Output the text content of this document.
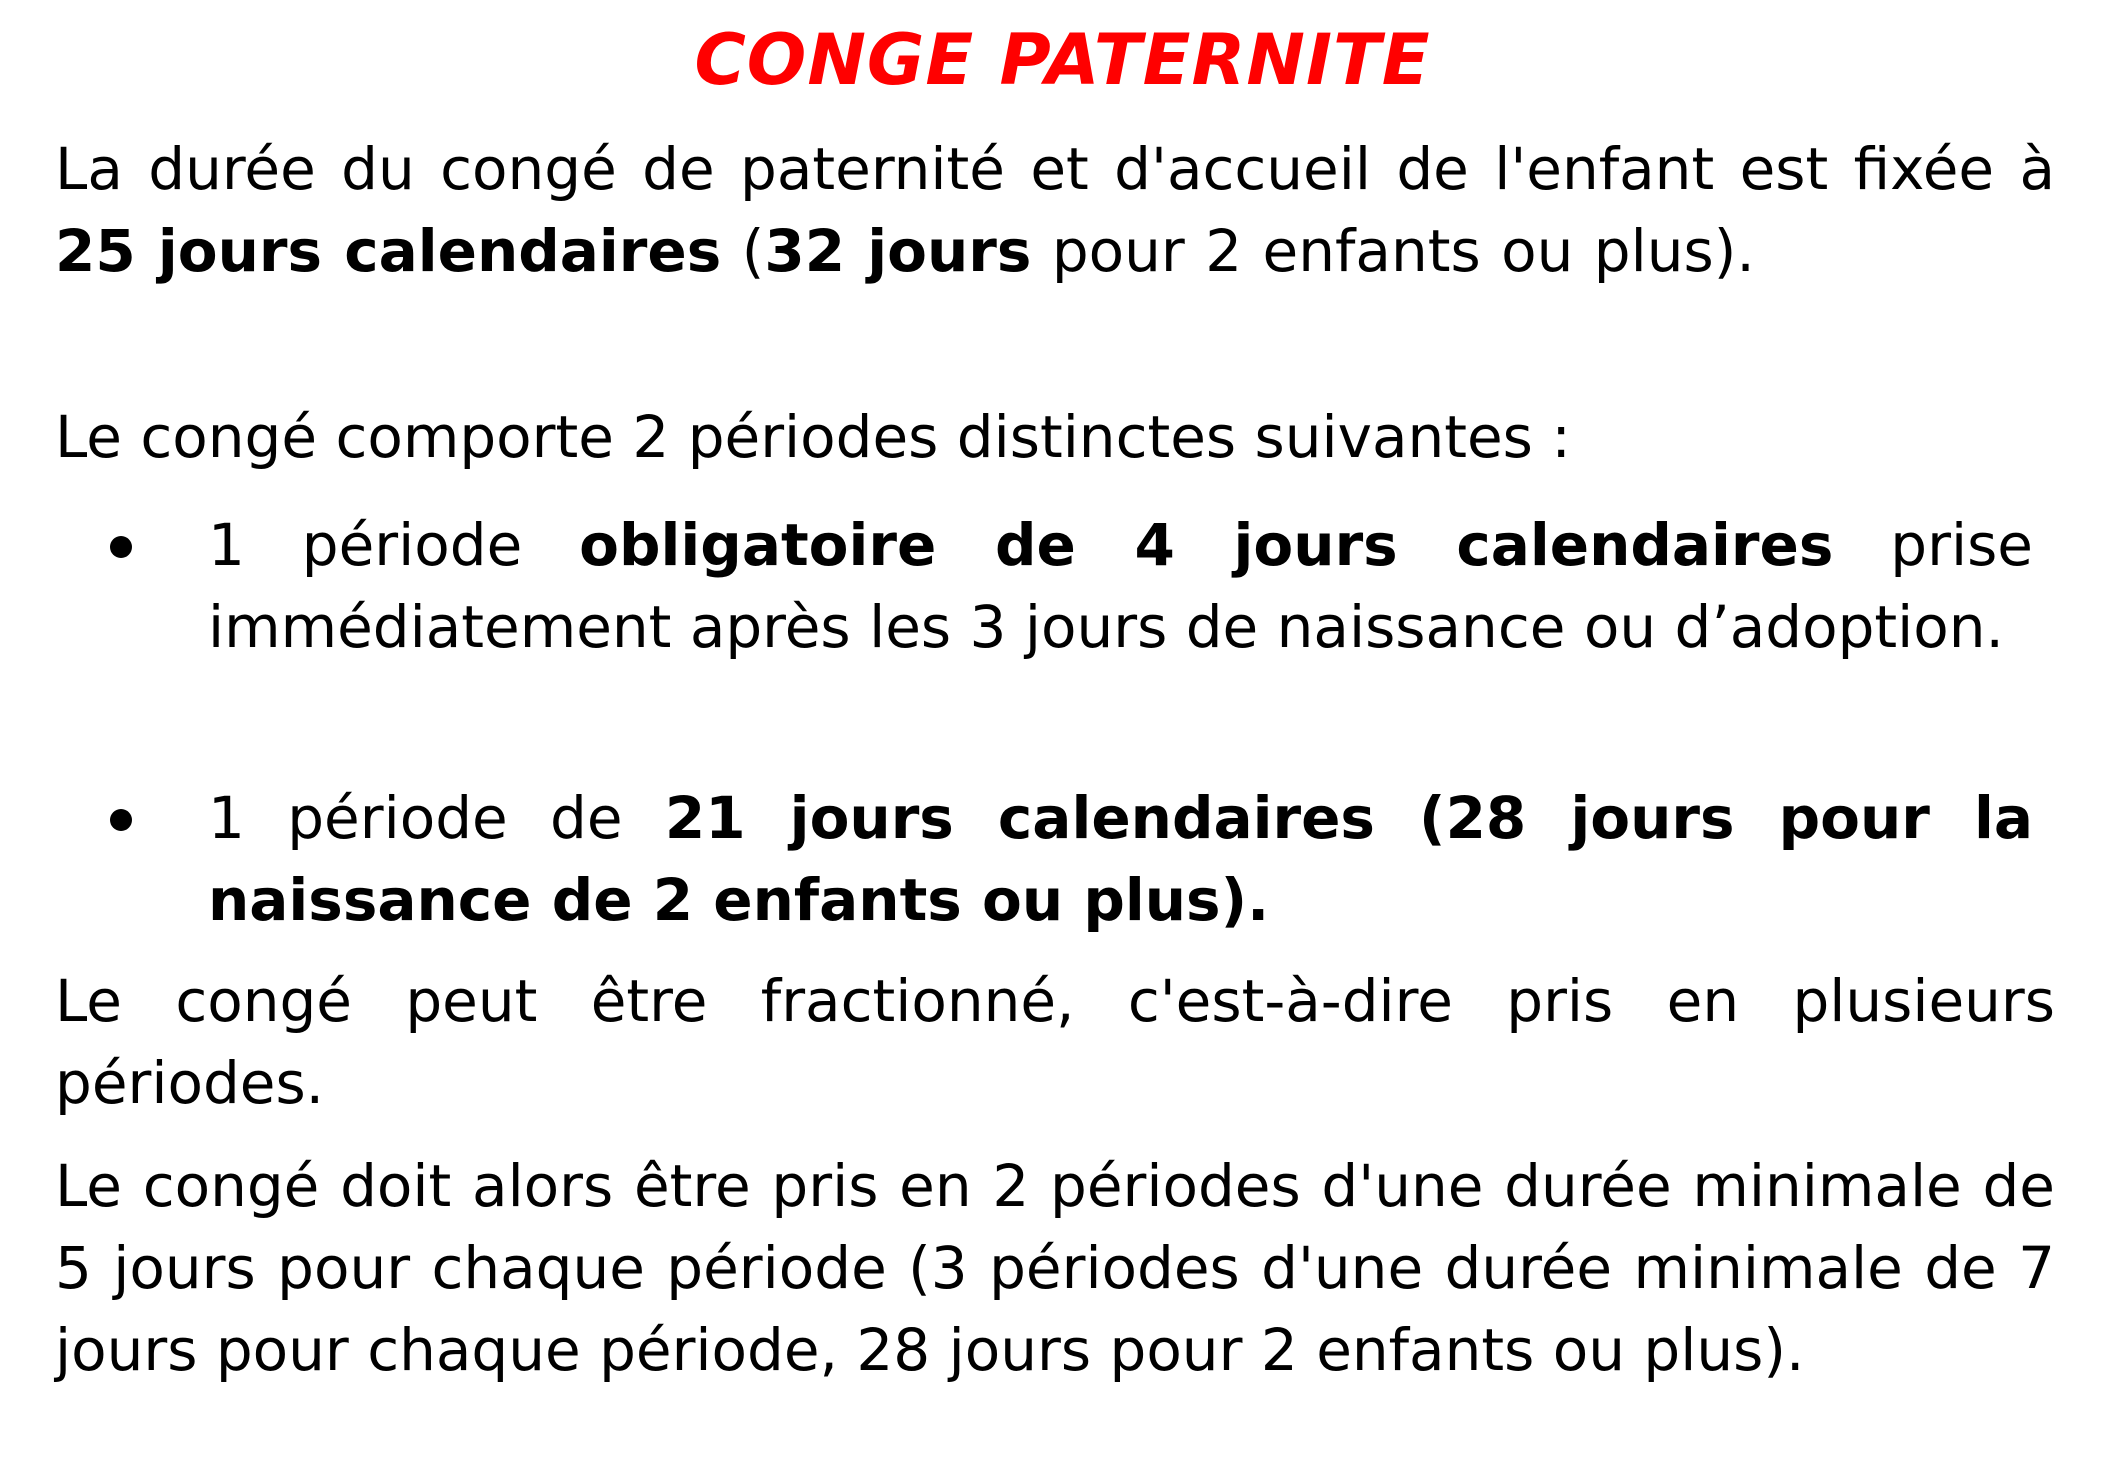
CONGE PATERNITE

La durée du congé de paternité et d'accueil de l'enfant est fixée à 25 jours calendaires (32 jours pour 2 enfants ou plus).

Le congé comporte 2 périodes distinctes suivantes :

1 période obligatoire de 4 jours calendaires prise immédiatement après les 3 jours de naissance ou d’adoption.

1 période de 21 jours calendaires (28 jours pour la naissance de 2 enfants ou plus).

Le congé peut être fractionné, c'est-à-dire pris en plusieurs périodes.

Le congé doit alors être pris en 2 périodes d'une durée minimale de 5 jours pour chaque période (3 périodes d'une durée minimale de 7 jours pour chaque période, 28 jours pour 2 enfants ou plus).
